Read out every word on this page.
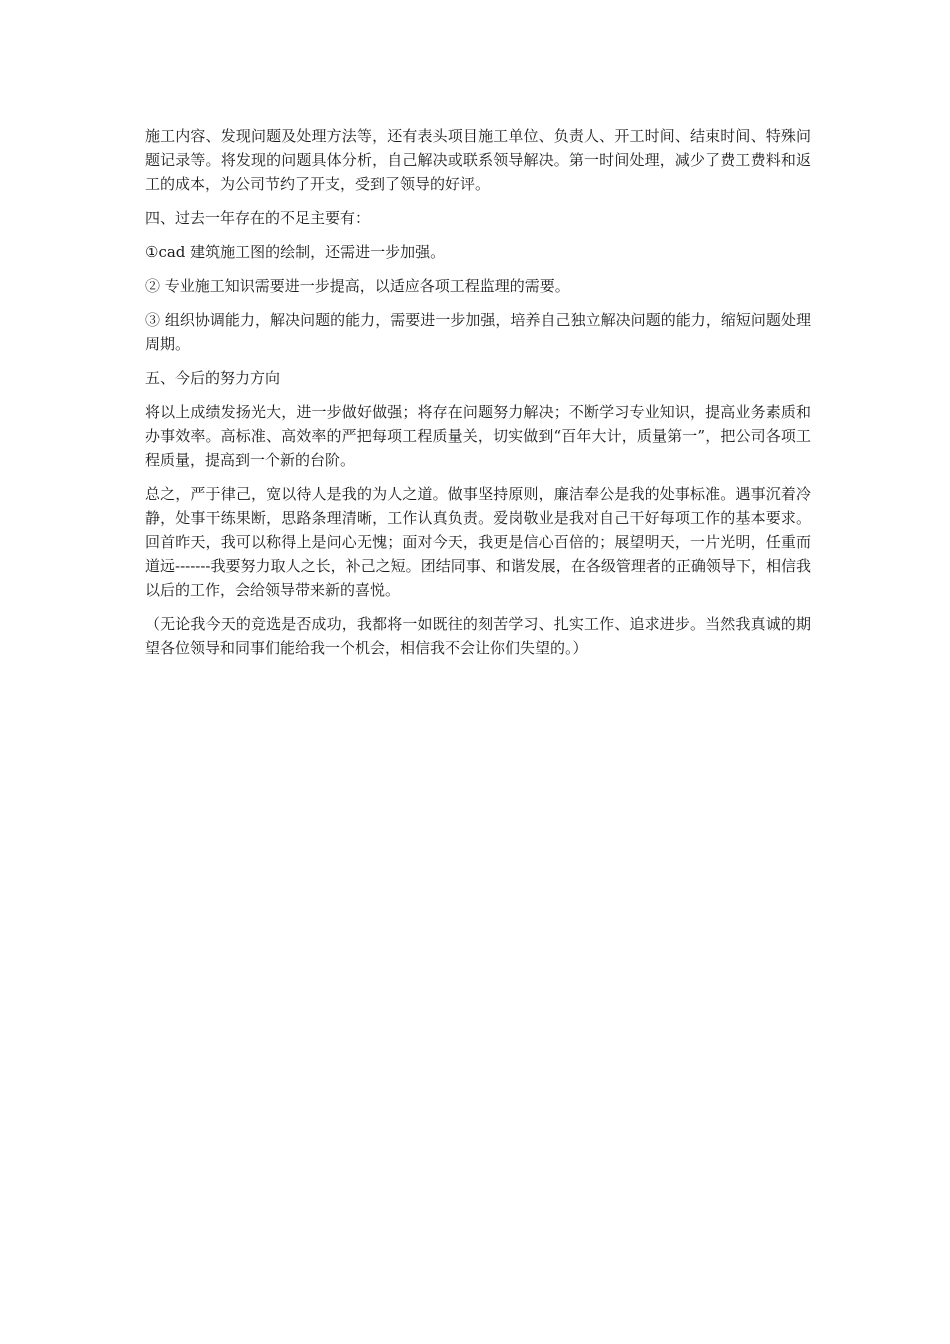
施工内容、发现问题及处理方法等，还有表头项目施工单位、负责人、开工时间、结束时间、特殊问题记录等。将发现的问题具体分析，自己解决或联系领导解决。第一时间处理，减少了费工费料和返工的成本，为公司节约了开支，受到了领导的好评。

四、过去一年存在的不足主要有：

①cad 建筑施工图的绘制，还需进一步加强。

② 专业施工知识需要进一步提高，以适应各项工程监理的需要。

③ 组织协调能力，解决问题的能力，需要进一步加强，培养自己独立解决问题的能力，缩短问题处理周期。

五、今后的努力方向

将以上成绩发扬光大，进一步做好做强；将存在问题努力解决；不断学习专业知识，提高业务素质和办事效率。高标准、高效率的严把每项工程质量关，切实做到“百年大计，质量第一”，把公司各项工程质量，提高到一个新的台阶。

总之，严于律己，宽以待人是我的为人之道。做事坚持原则，廉洁奉公是我的处事标准。遇事沉着冷静，处事干练果断，思路条理清晰，工作认真负责。爱岗敬业是我对自己干好每项工作的基本要求。回首昨天，我可以称得上是问心无愧；面对今天，我更是信心百倍的；展望明天，一片光明，任重而道远-------我要努力取人之长，补己之短。团结同事、和谐发展，在各级管理者的正确领导下，相信我以后的工作，会给领导带来新的喜悦。

（无论我今天的竞选是否成功，我都将一如既往的刻苦学习、扎实工作、追求进步。当然我真诚的期望各位领导和同事们能给我一个机会，相信我不会让你们失望的。）
